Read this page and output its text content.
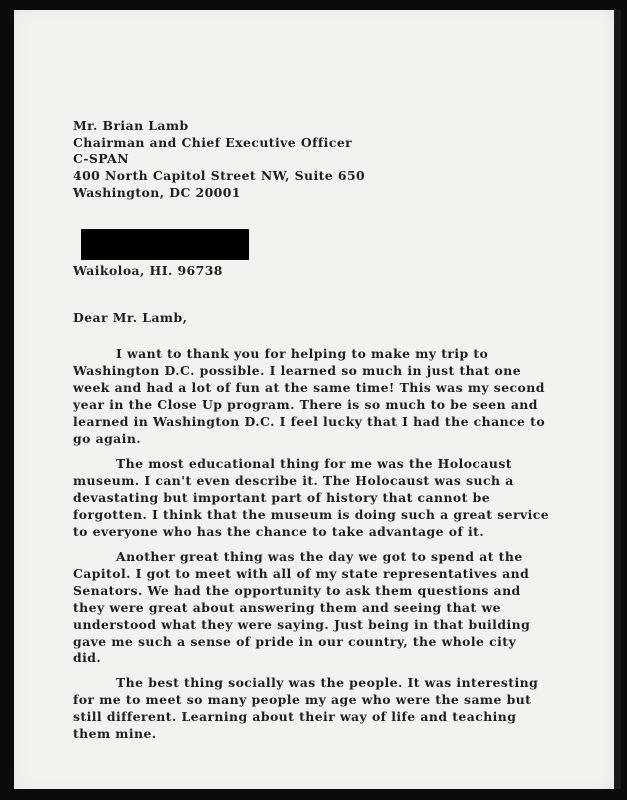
Mr. Brian Lamb
Chairman and Chief Executive Officer
C-SPAN
400 North Capitol Street NW, Suite 650
Washington, DC 20001
Waikoloa, HI. 96738
Dear Mr. Lamb,
I want to thank you for helping to make my trip to
Washington D.C. possible. I learned so much in just that one
week and had a lot of fun at the same time! This was my second
year in the Close Up program. There is so much to be seen and
learned in Washington D.C. I feel lucky that I had the chance to
go again.
The most educational thing for me was the Holocaust
museum. I can't even describe it. The Holocaust was such a
devastating but important part of history that cannot be
forgotten. I think that the museum is doing such a great service
to everyone who has the chance to take advantage of it.
Another great thing was the day we got to spend at the
Capitol. I got to meet with all of my state representatives and
Senators. We had the opportunity to ask them questions and
they were great about answering them and seeing that we
understood what they were saying. Just being in that building
gave me such a sense of pride in our country, the whole city
did.
The best thing socially was the people. It was interesting
for me to meet so many people my age who were the same but
still different. Learning about their way of life and teaching
them mine.
